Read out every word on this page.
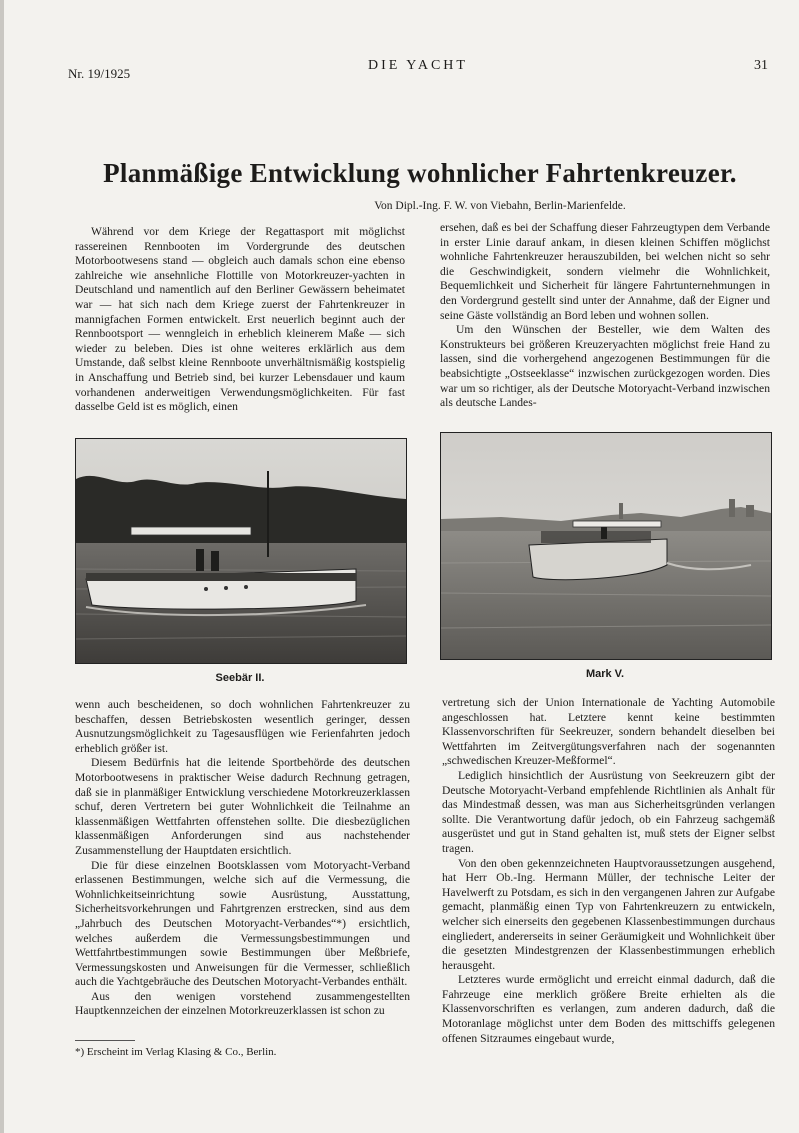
Nr. 19/1925
DIE YACHT	31
Planmäßige Entwicklung wohnlicher Fahrtenkreuzer.
Von Dipl.-Ing. F. W. von Viebahn, Berlin-Marienfelde.

Während vor dem Kriege der Regattasport mit möglichst rassereinen Rennbooten im Vordergrunde des deutschen Motorbootwesens stand — obgleich auch damals schon eine ebenso zahlreiche wie ansehnliche Flottille von Motorkreuzer-yachten in Deutschland und namentlich auf den Berliner Gewässern beheimatet war — hat sich nach dem Kriege zuerst der Fahrtenkreuzer in mannigfachen Formen entwickelt. Erst neuerlich beginnt auch der Rennbootsport — wenngleich in erheblich kleinerem Maße — sich wieder zu beleben. Dies ist ohne weiteres erklärlich aus dem Umstande, daß selbst kleine Rennboote unverhältnismäßig kostspielig in Anschaffung und Betrieb sind, bei kurzer Lebensdauer und kaum vorhandenen anderweitigen Verwendungsmöglichkeiten. Für fast dasselbe Geld ist es möglich, einen

ersehen, daß es bei der Schaffung dieser Fahrzeugtypen dem Verbande in erster Linie darauf ankam, in diesen kleinen Schiffen möglichst wohnliche Fahrtenkreuzer herauszubilden, bei welchen nicht so sehr die Geschwindigkeit, sondern vielmehr die Wohnlichkeit, Bequemlichkeit und Sicherheit für längere Fahrtunternehmungen in den Vordergrund gestellt sind unter der Annahme, daß der Eigner und seine Gäste vollständig an Bord leben und wohnen sollen.

Um den Wünschen der Besteller, wie dem Walten des Konstrukteurs bei größeren Kreuzeryachten möglichst freie Hand zu lassen, sind die vorhergehend angezogenen Bestimmungen für die beabsichtigte „Ostseeklasse“ inzwischen zurückgezogen worden. Dies war um so richtiger, als der Deutsche Motoryacht-Verband inzwischen als deutsche Landes-

Seebär II.	Mark V.

wenn auch bescheidenen, so doch wohnlichen Fahrtenkreuzer zu beschaffen, dessen Betriebskosten wesentlich geringer, dessen Ausnutzungsmöglichkeit zu Tagesausflügen wie Ferienfahrten jedoch erheblich größer ist.

Diesem Bedürfnis hat die leitende Sportbehörde des deutschen Motorbootwesens in praktischer Weise dadurch Rechnung getragen, daß sie in planmäßiger Entwicklung verschiedene Motorkreuzerklassen schuf, deren Vertretern bei guter Wohnlichkeit die Teilnahme an klassenmäßigen Wettfahrten offenstehen sollte. Die diesbezüglichen klassenmäßigen Anforderungen sind aus nachstehender Zusammenstellung der Hauptdaten ersichtlich.

Die für diese einzelnen Bootsklassen vom Motoryacht-Verband erlassenen Bestimmungen, welche sich auf die Vermessung, die Wohnlichkeitseinrichtung sowie Ausrüstung, Ausstattung, Sicherheitsvorkehrungen und Fahrtgrenzen erstrecken, sind aus dem „Jahrbuch des Deutschen Motoryacht-Verbandes“*) ersichtlich, welches außerdem die Vermessungsbestimmungen und Wettfahrtbestimmungen sowie Bestimmungen über Meßbriefe, Vermessungskosten und Anweisungen für die Vermesser, schließlich auch die Yachtgebräuche des Deutschen Motoryacht-Verbandes enthält.

Aus den wenigen vorstehend zusammengestellten Hauptkennzeichen der einzelnen Motorkreuzerklassen ist schon zu

vertretung sich der Union Internationale de Yachting Automobile angeschlossen hat. Letztere kennt keine bestimmten Klassenvorschriften für Seekreuzer, sondern behandelt dieselben bei Wettfahrten im Zeitvergütungsverfahren nach der sogenannten „schwedischen Kreuzer-Meßformel“.

Lediglich hinsichtlich der Ausrüstung von Seekreuzern gibt der Deutsche Motoryacht-Verband empfehlende Richtlinien als Anhalt für das Mindestmaß dessen, was man aus Sicherheitsgründen verlangen sollte. Die Verantwortung dafür jedoch, ob ein Fahrzeug sachgemäß ausgerüstet und gut in Stand gehalten ist, muß stets der Eigner selbst tragen.

Von den oben gekennzeichneten Hauptvoraussetzungen ausgehend, hat Herr Ob.-Ing. Hermann Müller, der technische Leiter der Havelwerft zu Potsdam, es sich in den vergangenen Jahren zur Aufgabe gemacht, planmäßig einen Typ von Fahrtenkreuzern zu entwickeln, welcher sich einerseits den gegebenen Klassenbestimmungen durchaus eingliedert, andererseits in seiner Geräumigkeit und Wohnlichkeit über die gesetzten Mindestgrenzen der Klassenbestimmungen erheblich herausgeht.

Letzteres wurde ermöglicht und erreicht einmal dadurch, daß die Fahrzeuge eine merklich größere Breite erhielten als die Klassenvorschriften es verlangen, zum anderen dadurch, daß die Motoranlage möglichst unter dem Boden des mittschiffs gelegenen offenen Sitzraumes eingebaut wurde,

*) Erscheint im Verlag Klasing & Co., Berlin.
